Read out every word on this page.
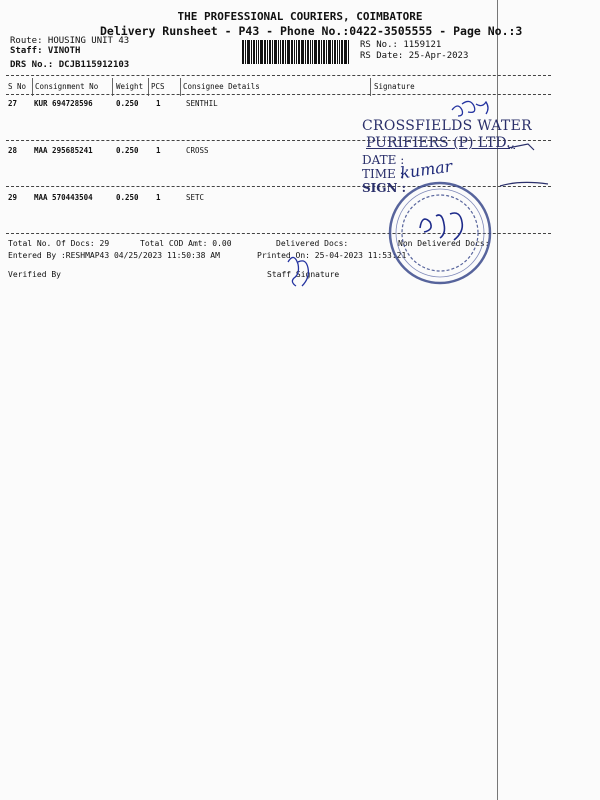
THE PROFESSIONAL COURIERS, COIMBATORE
Delivery Runsheet - P43 - Phone No.:0422-3505555 - Page No.:3
Route: HOUSING UNIT 43
Staff: VINOTH
DRS No.: DCJB115912103
RS No.: 1159121
RS Date: 25-Apr-2023
S No Consignment No Weight PCS Consignee Details	Signature
27 KUR 694728596	0.250 1	SENTHIL
28 MAA 295685241	0.250 1	CROSS
29 MAA 570443504	0.250 1	SETC
Total No. Of Docs: 29	Total COD Amt: 0.00	Delivered Docs:	Non Delivered Docs:
Entered By :RESHMAP43 04/25/2023 11:50:38 AM	Printed On: 25-04-2023 11:53:21
Verified By	Staff Signature
CROSSFIELDS WATER
PURIFIERS (P) LTD.,
DATE :
TIME :
SIGN :
kumar
